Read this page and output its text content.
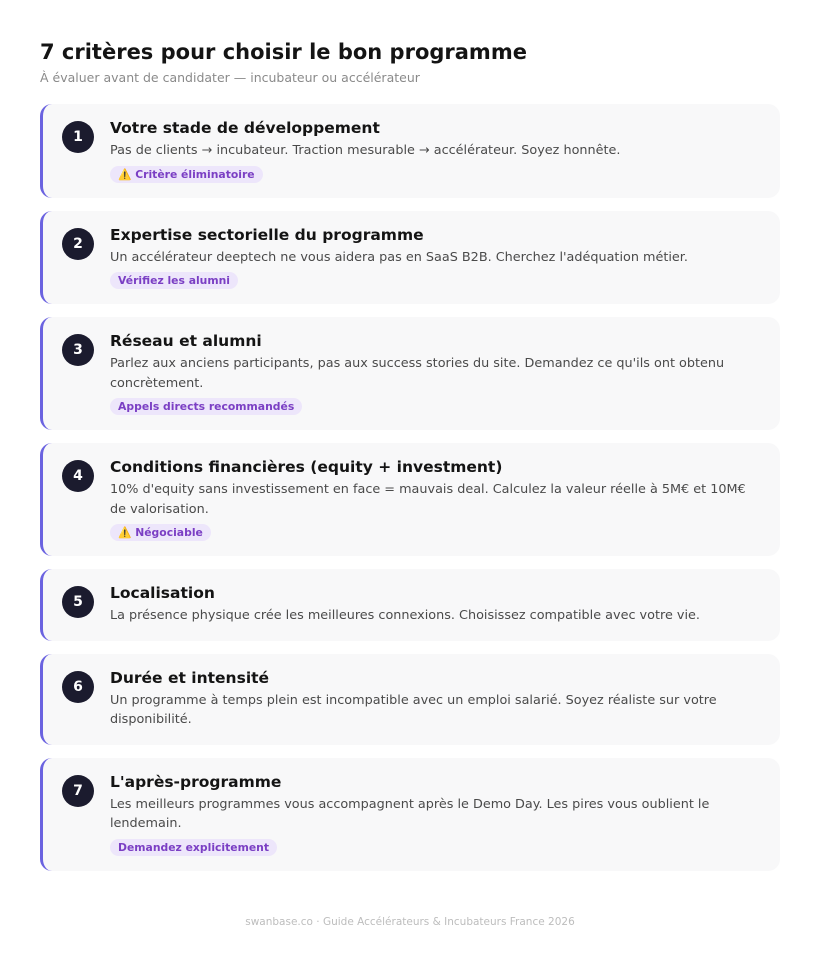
7 critères pour choisir le bon programme
À évaluer avant de candidater — incubateur ou accélérateur
1	Votre stade de développement
Pas de clients → incubateur. Traction mesurable → accélérateur. Soyez honnête.
⚠️ Critère éliminatoire
2	Expertise sectorielle du programme
Un accélérateur deeptech ne vous aidera pas en SaaS B2B. Cherchez l'adéquation métier.
Vérifiez les alumni
3	Réseau et alumni
Parlez aux anciens participants, pas aux success stories du site. Demandez ce qu'ils ont obtenu concrètement.
Appels directs recommandés
4	Conditions financières (equity + investment)
10% d'equity sans investissement en face = mauvais deal. Calculez la valeur réelle à 5M€ et 10M€ de valorisation.
⚠️ Négociable
5	Localisation
La présence physique crée les meilleures connexions. Choisissez compatible avec votre vie.
6	Durée et intensité
Un programme à temps plein est incompatible avec un emploi salarié. Soyez réaliste sur votre disponibilité.
7	L'après-programme
Les meilleurs programmes vous accompagnent après le Demo Day. Les pires vous oublient le lendemain.
Demandez explicitement
swanbase.co · Guide Accélérateurs & Incubateurs France 2026
